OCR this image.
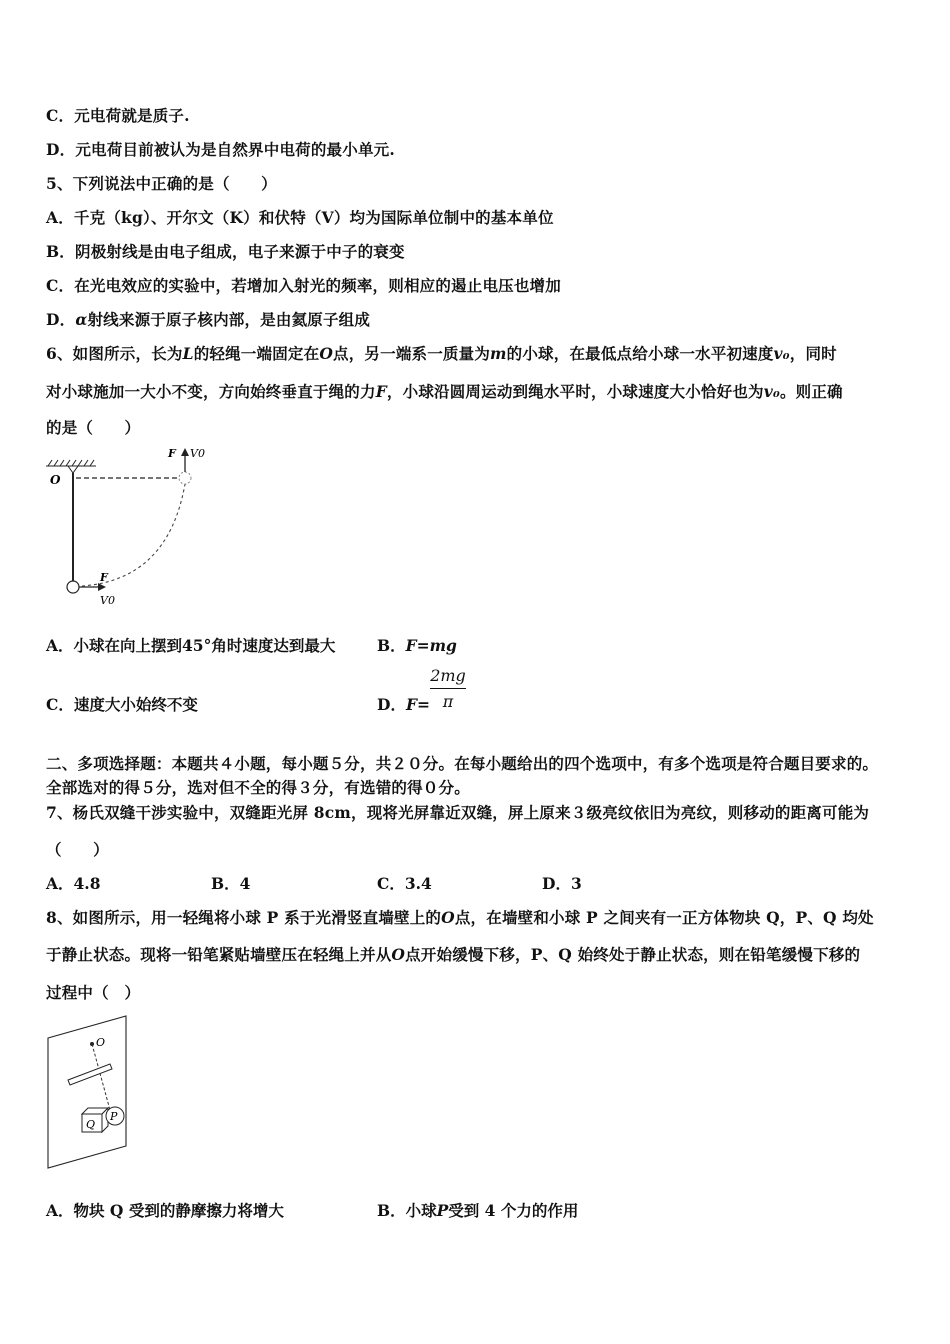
C．元电荷就是质子.
D．元电荷目前被认为是自然界中电荷的最小单元.
5、下列说法中正确的是（　　）
A．千克（kg）、开尔文（K）和伏特（V）均为国际单位制中的基本单位
B．阴极射线是由电子组成，电子来源于中子的衰变
C．在光电效应的实验中，若增加入射光的频率，则相应的遏止电压也增加
D．α射线来源于原子核内部，是由氦原子组成
6、如图所示，长为L的轻绳一端固定在O点，另一端系一质量为m的小球，在最低点给小球一水平初速度v₀，同时
对小球施加一大小不变，方向始终垂直于绳的力F，小球沿圆周运动到绳水平时，小球速度大小恰好也为v₀。则正确
的是（　　）
F V0
O
F
V0
A．小球在向上摆到45°角时速度达到最大	B．F=mg
C．速度大小始终不变	D．F=
2mg
π
二、多项选择题：本题共４小题，每小题５分，共２０分。在每小题给出的四个选项中，有多个选项是符合题目要求的。
全部选对的得５分，选对但不全的得３分，有选错的得０分。
7、杨氏双缝干涉实验中，双缝距光屏 8cm，现将光屏靠近双缝，屏上原来３级亮纹依旧为亮纹，则移动的距离可能为
（　　）
A．4.8	B．4	C．3.4	D．3
8、如图所示，用一轻绳将小球 P 系于光滑竖直墙壁上的O点，在墙壁和小球 P 之间夹有一正方体物块 Q，P、Q 均处
于静止状态。现将一铅笔紧贴墙壁压在轻绳上并从O点开始缓慢下移，P、Q 始终处于静止状态，则在铅笔缓慢下移的
过程中（　）
O
Q
P
A．物块 Q 受到的静摩擦力将增大	B．小球P受到 4 个力的作用
